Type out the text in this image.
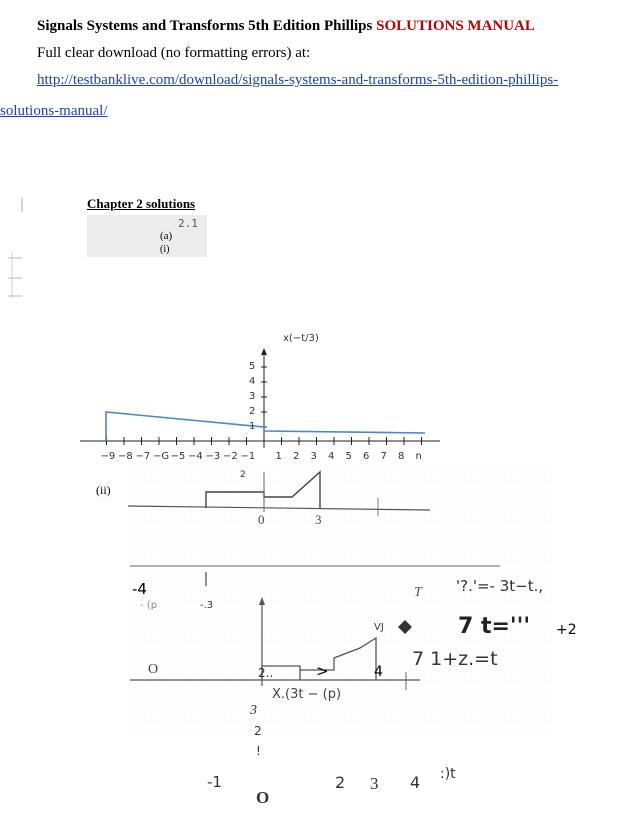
Signals Systems and Transforms 5th Edition Phillips SOLUTIONS MANUAL
Full clear download (no formatting errors) at:
http://testbanklive.com/download/signals-systems-and-transforms-5th-edition-phillips-
solutions-manual/
Chapter 2 solutions
2.1
(a)
(i)
x(−t/3)
5
4
3
2
1
−9 −8 −7 −G −5 −4 −3 −2 −1 1 2 3 4 5 6 7 8 n
(ii)
2
0	3
-4
- (p	-.3
T '?.'=- 3t−t.,
7 t=''' +2
7 1+z.=t
O	2..	>	4
VJ
X.(3t − (p)
3
2
!
-1	2 3 4 :)t
O
